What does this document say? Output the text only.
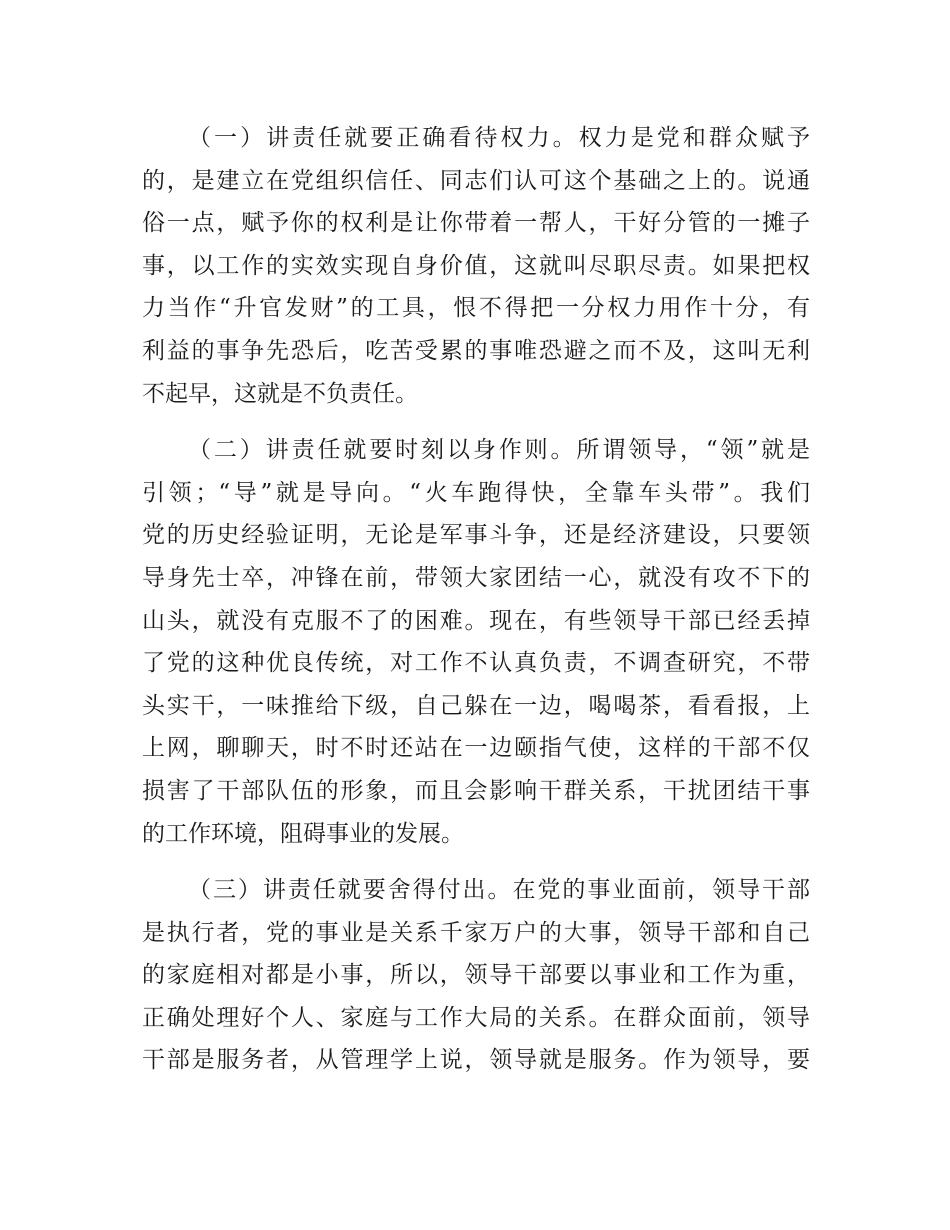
（一）讲责任就要正确看待权力。权力是党和群众赋予
的，是建立在党组织信任、同志们认可这个基础之上的。说通
俗一点，赋予你的权利是让你带着一帮人，干好分管的一摊子
事，以工作的实效实现自身价值，这就叫尽职尽责。如果把权
力当作“升官发财”的工具，恨不得把一分权力用作十分，有
利益的事争先恐后，吃苦受累的事唯恐避之而不及，这叫无利
不起早，这就是不负责任。
（二）讲责任就要时刻以身作则。所谓领导，“领”就是
引领；“导”就是导向。“火车跑得快，全靠车头带”。我们
党的历史经验证明，无论是军事斗争，还是经济建设，只要领
导身先士卒，冲锋在前，带领大家团结一心，就没有攻不下的
山头，就没有克服不了的困难。现在，有些领导干部已经丢掉
了党的这种优良传统，对工作不认真负责，不调查研究，不带
头实干，一味推给下级，自己躲在一边，喝喝茶，看看报，上
上网，聊聊天，时不时还站在一边颐指气使，这样的干部不仅
损害了干部队伍的形象，而且会影响干群关系，干扰团结干事
的工作环境，阻碍事业的发展。
（三）讲责任就要舍得付出。在党的事业面前，领导干部
是执行者，党的事业是关系千家万户的大事，领导干部和自己
的家庭相对都是小事，所以，领导干部要以事业和工作为重，
正确处理好个人、家庭与工作大局的关系。在群众面前，领导
干部是服务者，从管理学上说，领导就是服务。作为领导，要
